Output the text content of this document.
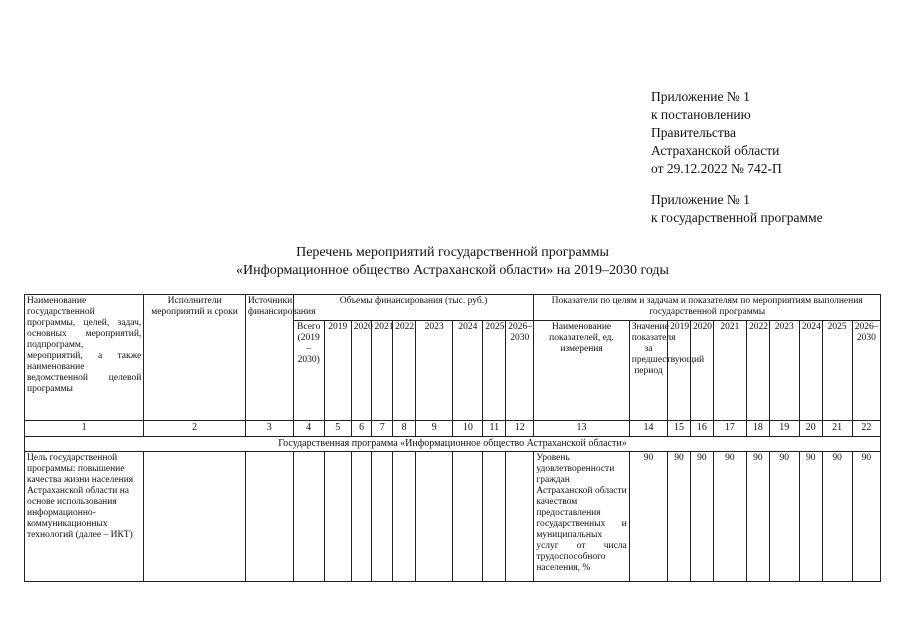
Приложение № 1
к постановлению
Правительства
Астраханской области
от 29.12.2022 № 742-П
Приложение № 1
к государственной программе
Перечень мероприятий государственной программы
«Информационное общество Астраханской области» на 2019–2030 годы
Наименование государственной программы, целей, задач, основных мероприятий, подпрограмм, мероприятий, а также наименование ведомственной целевой программы	Исполнители мероприятий и сроки	Источники финансирования	Объемы финансирования (тыс. руб.)									Показатели по целям и задачам и показателям по мероприятиям выполнения государственной программы									
			Всего (2019 – 2030)	2019	2020	2021	2022	2023	2024	2025	2026–2030	Наименование показателей, ед. измерения	Значение показателя за предшествующий период	2019	2020	2021	2022	2023	2024	2025	2026–2030
1	2	3	4	5	6	7	8	9	10	11	12	13	14	15	16	17	18	19	20	21	22
Государственная программа «Информационное общество Астраханской области»																					
Цель государственной программы: повышение качества жизни населения Астраханской области на основе использования информационно-коммуникационных технологий (далее – ИКТ)												Уровень удовлетворенности граждан Астраханской области качеством предоставления государственных и муниципальных услуг от числа трудоспособного населения, %	90	90	90	90	90	90	90	90	90
